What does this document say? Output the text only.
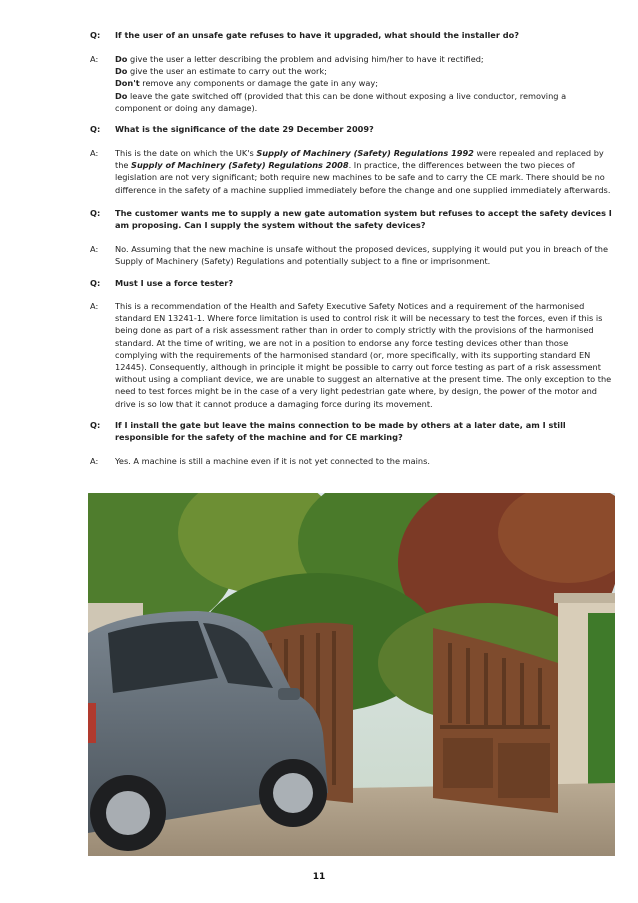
Q:	If the user of an unsafe gate refuses to have it upgraded, what should the installer do?
A:	Do give the user a letter describing the problem and advising him/her to have it rectified;
Do give the user an estimate to carry out the work;
Don't remove any components or damage the gate in any way;
Do leave the gate switched off (provided that this can be done without exposing a live conductor, removing a component or doing any damage).
Q:	What is the significance of the date 29 December 2009?
A:	This is the date on which the UK's Supply of Machinery (Safety) Regulations 1992 were repealed and replaced by the Supply of Machinery (Safety) Regulations 2008. In practice, the differences between the two pieces of legislation are not very significant; both require new machines to be safe and to carry the CE mark. There should be no difference in the safety of a machine supplied immediately before the change and one supplied immediately afterwards.
Q:	The customer wants me to supply a new gate automation system but refuses to accept the safety devices I am proposing. Can I supply the system without the safety devices?
A:	No. Assuming that the new machine is unsafe without the proposed devices, supplying it would put you in breach of the Supply of Machinery (Safety) Regulations and potentially subject to a fine or imprisonment.
Q:	Must I use a force tester?
A:	This is a recommendation of the Health and Safety Executive Safety Notices and a requirement of the harmonised standard EN 13241-1. Where force limitation is used to control risk it will be necessary to test the forces, even if this is being done as part of a risk assessment rather than in order to comply strictly with the provisions of the harmonised standard. At the time of writing, we are not in a position to endorse any force testing devices other than those complying with the requirements of the harmonised standard (or, more specifically, with its supporting standard EN 12445). Consequently, although in principle it might be possible to carry out force testing as part of a risk assessment without using a compliant device, we are unable to suggest an alternative at the present time. The only exception to the need to test forces might be in the case of a very light pedestrian gate where, by design, the power of the motor and drive is so low that it cannot produce a damaging force during its movement.
Q:	If I install the gate but leave the mains connection to be made by others at a later date, am I still responsible for the safety of the machine and for CE marking?
A:	Yes. A machine is still a machine even if it is not yet connected to the mains.
11
